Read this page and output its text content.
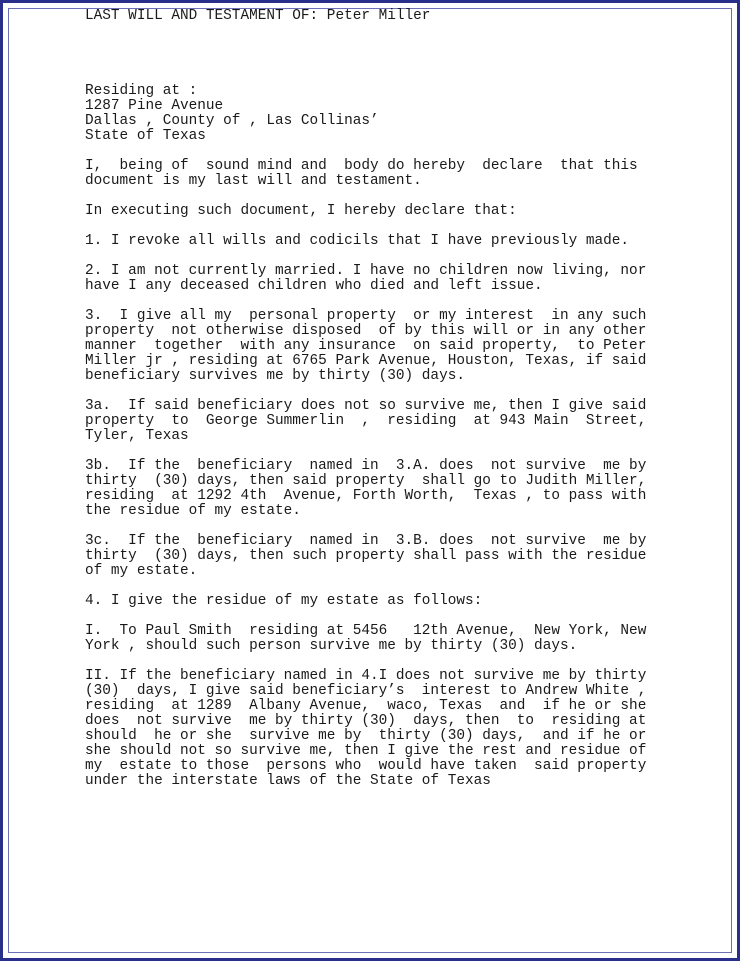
LAST WILL AND TESTAMENT OF: Peter Miller
Residing at :
1287 Pine Avenue
Dallas , County of , Las Collinas’
State of Texas
I,  being of  sound mind and  body do hereby  declare  that this
document is my last will and testament.
In executing such document, I hereby declare that:
1. I revoke all wills and codicils that I have previously made.
2. I am not currently married. I have no children now living, nor
have I any deceased children who died and left issue.
3.  I give all my  personal property  or my interest  in any such
property  not otherwise disposed  of by this will or in any other
manner  together  with any insurance  on said property,  to Peter
Miller jr , residing at 6765 Park Avenue, Houston, Texas, if said
beneficiary survives me by thirty (30) days.
3a.  If said beneficiary does not so survive me, then I give said
property  to  George Summerlin  ,  residing  at 943 Main  Street,
Tyler, Texas
3b.  If the  beneficiary  named in  3.A. does  not survive  me by
thirty  (30) days, then said property  shall go to Judith Miller,
residing  at 1292 4th  Avenue, Forth Worth,  Texas , to pass with
the residue of my estate.
3c.  If the  beneficiary  named in  3.B. does  not survive  me by
thirty  (30) days, then such property shall pass with the residue
of my estate.
4. I give the residue of my estate as follows:
I.  To Paul Smith  residing at 5456   12th Avenue,  New York, New
York , should such person survive me by thirty (30) days.
II. If the beneficiary named in 4.I does not survive me by thirty
(30)  days, I give said beneficiary’s  interest to Andrew White ,
residing  at 1289  Albany Avenue,  waco, Texas  and  if he or she
does  not survive  me by thirty (30)  days, then  to  residing at
should  he or she  survive me by  thirty (30) days,  and if he or
she should not so survive me, then I give the rest and residue of
my  estate to those  persons who  would have taken  said property
under the interstate laws of the State of Texas
